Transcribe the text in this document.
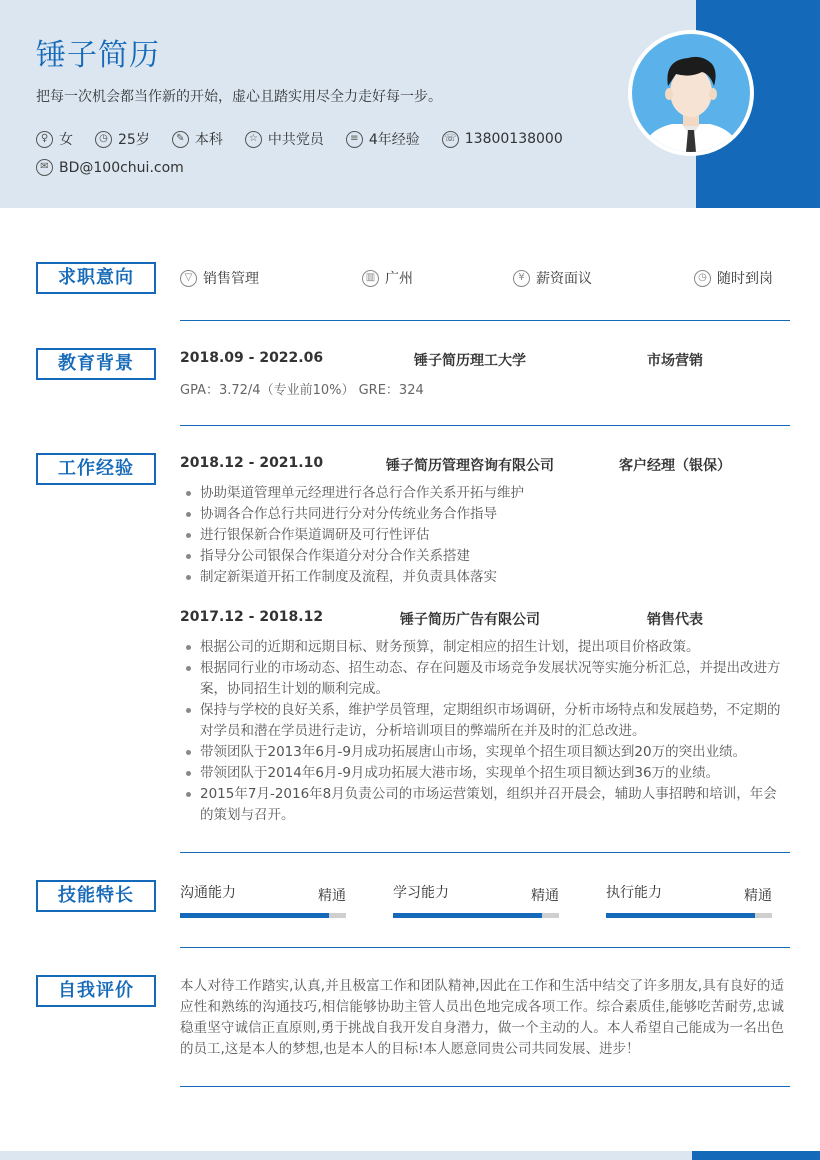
锤子简历
把每一次机会都当作新的开始，虚心且踏实用尽全力走好每一步。
♀ 女	◷ 25岁	✎ 本科	☆ 中共党员	≡ 4年经验 ☏ 13800138000
✉ BD@100chui.com
求职意向	▽ 销售管理	▥ 广州	¥ 薪资面议	◷ 随时到岗
教育背景	2018.09 - 2022.06	锤子简历理工大学	市场营销
GPA：3.72/4（专业前10%） GRE：324
工作经验	2018.12 - 2021.10	锤子简历管理咨询有限公司	客户经理（银保）
协助渠道管理单元经理进行各总行合作关系开拓与维护
协调各合作总行共同进行分对分传统业务合作指导
进行银保新合作渠道调研及可行性评估
指导分公司银保合作渠道分对分合作关系搭建
制定新渠道开拓工作制度及流程，并负责具体落实
2017.12 - 2018.12	锤子简历广告有限公司	销售代表
根据公司的近期和远期目标、财务预算，制定相应的招生计划，提出项目价格政策。
根据同行业的市场动态、招生动态、存在问题及市场竞争发展状况等实施分析汇总，并提出改进方案，协同招生计划的顺利完成。
保持与学校的良好关系，维护学员管理，定期组织市场调研，分析市场特点和发展趋势，不定期的对学员和潜在学员进行走访，分析培训项目的弊端所在并及时的汇总改进。
带领团队于2013年6月-9月成功拓展唐山市场，实现单个招生项目额达到20万的突出业绩。
带领团队于2014年6月-9月成功拓展大港市场，实现单个招生项目额达到36万的业绩。
2015年7月-2016年8月负责公司的市场运营策划，组织并召开晨会，辅助人事招聘和培训，年会的策划与召开。
技能特长	沟通能力	精通	学习能力	精通	执行能力	精通
自我评价	本人对待工作踏实,认真,并且极富工作和团队精神,因此在工作和生活中结交了许多朋友,具有良好的适应性和熟练的沟通技巧,相信能够协助主管人员出色地完成各项工作。综合素质佳,能够吃苦耐劳,忠诚稳重坚守诚信正直原则,勇于挑战自我开发自身潜力，做一个主动的人。本人希望自己能成为一名出色的员工,这是本人的梦想,也是本人的目标!本人愿意同贵公司共同发展、进步！
